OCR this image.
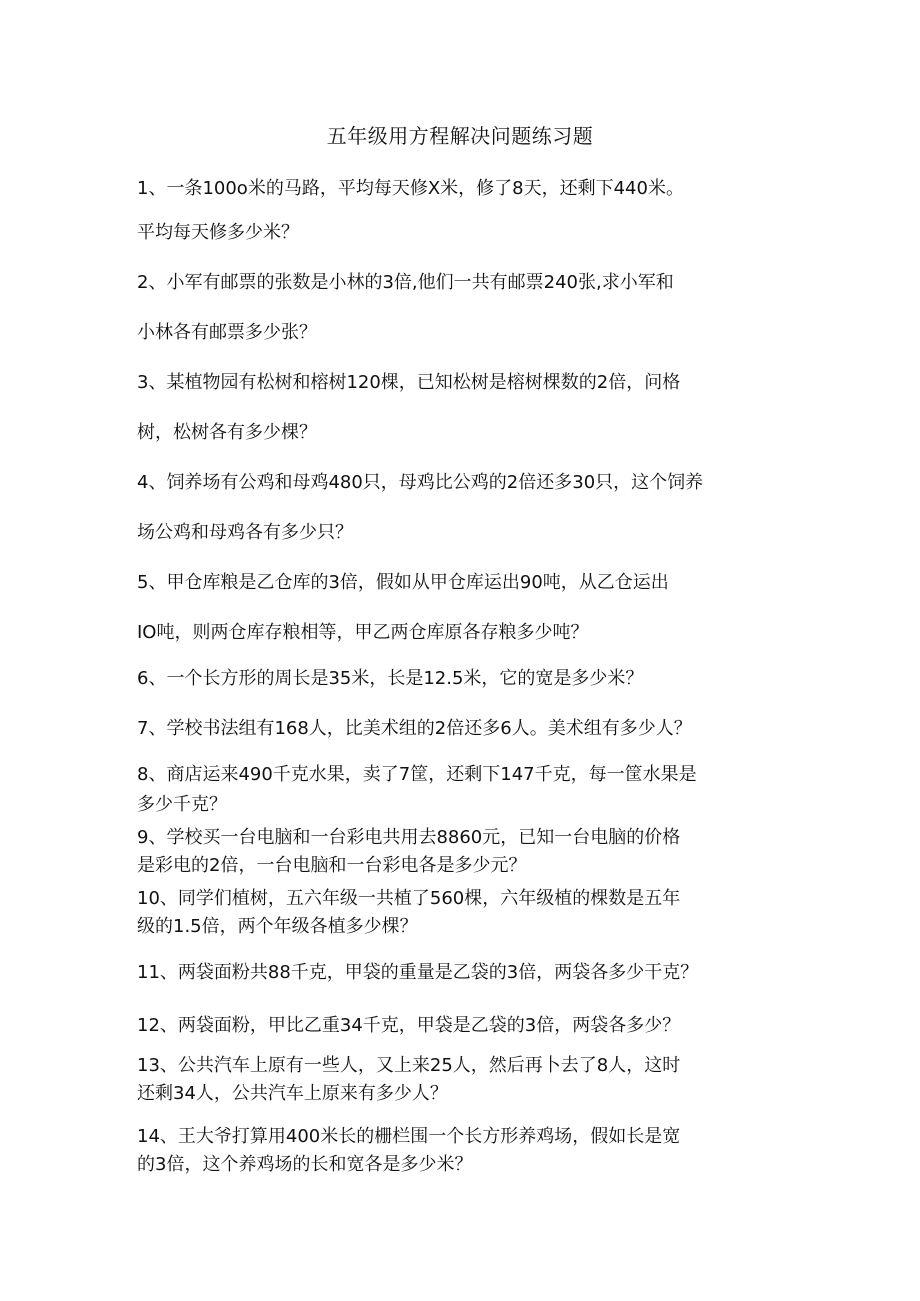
五年级用方程解决问题练习题
1、一条100o米的马路，平均每天修X米，修了8天，还剩下440米。
平均每天修多少米？
2、小军有邮票的张数是小林的3倍,他们一共有邮票240张,求小军和
小林各有邮票多少张？
3、某植物园有松树和榕树120棵，已知松树是榕树棵数的2倍，问格
树，松树各有多少棵？
4、饲养场有公鸡和母鸡480只，母鸡比公鸡的2倍还多30只，这个饲养
场公鸡和母鸡各有多少只？
5、甲仓库粮是乙仓库的3倍，假如从甲仓库运出90吨，从乙仓运出
IO吨，则两仓库存粮相等，甲乙两仓库原各存粮多少吨？
6、一个长方形的周长是35米，长是12.5米，它的宽是多少米？
7、学校书法组有168人，比美术组的2倍还多6人。美术组有多少人？
8、商店运来490千克水果，卖了7筐，还剩下147千克，每一筐水果是
多少千克？
9、学校买一台电脑和一台彩电共用去8860元，已知一台电脑的价格
是彩电的2倍，一台电脑和一台彩电各是多少元？
10、同学们植树，五六年级一共植了560棵，六年级植的棵数是五年
级的1.5倍，两个年级各植多少棵？
11、两袋面粉共88千克，甲袋的重量是乙袋的3倍，两袋各多少干克？
12、两袋面粉，甲比乙重34千克，甲袋是乙袋的3倍，两袋各多少？
13、公共汽车上原有一些人，又上来25人，然后再卜去了8人，这时
还剩34人，公共汽车上原来有多少人？
14、王大爷打算用400米长的栅栏围一个长方形养鸡场，假如长是宽
的3倍，这个养鸡场的长和宽各是多少米？
